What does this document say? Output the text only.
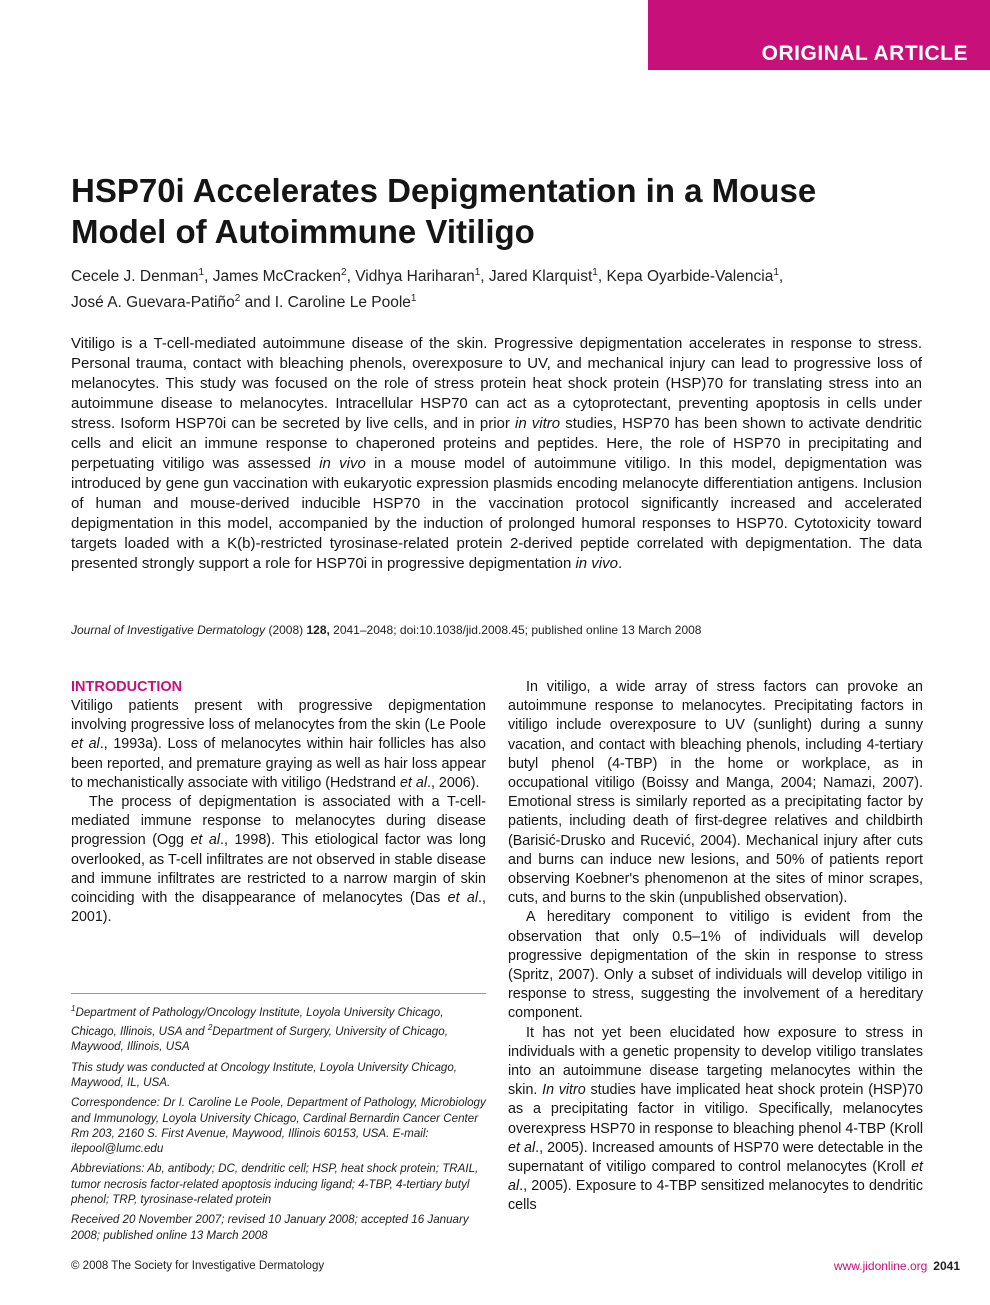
ORIGINAL ARTICLE
HSP70i Accelerates Depigmentation in a Mouse
Model of Autoimmune Vitiligo
Cecele J. Denman$^1$, James McCracken$^2$, Vidhya Hariharan$^1$, Jared Klarquist$^1$, Kepa Oyarbide-Valencia$^1$,
José A. Guevara-Patiño$^2$ and I. Caroline Le Poole$^1$
Vitiligo is a T-cell-mediated autoimmune disease of the skin. Progressive depigmentation accelerates in response to stress. Personal trauma, contact with bleaching phenols, overexposure to UV, and mechanical injury can lead to progressive loss of melanocytes. This study was focused on the role of stress protein heat shock protein (HSP)70 for translating stress into an autoimmune disease to melanocytes. Intracellular HSP70 can act as a cytoprotectant, preventing apoptosis in cells under stress. Isoform HSP70i can be secreted by live cells, and in prior in vitro studies, HSP70 has been shown to activate dendritic cells and elicit an immune response to chaperoned proteins and peptides. Here, the role of HSP70 in precipitating and perpetuating vitiligo was assessed in vivo in a mouse model of autoimmune vitiligo. In this model, depigmentation was introduced by gene gun vaccination with eukaryotic expression plasmids encoding melanocyte differentiation antigens. Inclusion of human and mouse-derived inducible HSP70 in the vaccination protocol significantly increased and accelerated depigmentation in this model, accompanied by the induction of prolonged humoral responses to HSP70. Cytotoxicity toward targets loaded with a K(b)-restricted tyrosinase-related protein 2-derived peptide correlated with depigmentation. The data presented strongly support a role for HSP70i in progressive depigmentation in vivo.
Journal of Investigative Dermatology (2008) 128, 2041–2048; doi:10.1038/jid.2008.45; published online 13 March 2008
INTRODUCTION

Vitiligo patients present with progressive depigmentation involving progressive loss of melanocytes from the skin (Le Poole et al., 1993a). Loss of melanocytes within hair follicles has also been reported, and premature graying as well as hair loss appear to mechanistically associate with vitiligo (Hedstrand et al., 2006).

The process of depigmentation is associated with a T-cell-mediated immune response to melanocytes during disease progression (Ogg et al., 1998). This etiological factor was long overlooked, as T-cell infiltrates are not observed in stable disease and immune infiltrates are restricted to a narrow margin of skin coinciding with the disappearance of melanocytes (Das et al., 2001).

In vitiligo, a wide array of stress factors can provoke an autoimmune response to melanocytes. Precipitating factors in vitiligo include overexposure to UV (sunlight) during a sunny vacation, and contact with bleaching phenols, including 4-tertiary butyl phenol (4-TBP) in the home or workplace, as in occupational vitiligo (Boissy and Manga, 2004; Namazi, 2007). Emotional stress is similarly reported as a precipitating factor by patients, including death of first-degree relatives and childbirth (Barisić-Drusko and Rucević, 2004). Mechanical injury after cuts and burns can induce new lesions, and 50% of patients report observing Koebner's phenomenon at the sites of minor scrapes, cuts, and burns to the skin (unpublished observation).

A hereditary component to vitiligo is evident from the observation that only 0.5–1% of individuals will develop progressive depigmentation of the skin in response to stress (Spritz, 2007). Only a subset of individuals will develop vitiligo in response to stress, suggesting the involvement of a hereditary component.

It has not yet been elucidated how exposure to stress in individuals with a genetic propensity to develop vitiligo translates into an autoimmune disease targeting melanocytes within the skin. In vitro studies have implicated heat shock protein (HSP)70 as a precipitating factor in vitiligo. Specifically, melanocytes overexpress HSP70 in response to bleaching phenol 4-TBP (Kroll et al., 2005). Increased amounts of HSP70 were detectable in the supernatant of vitiligo compared to control melanocytes (Kroll et al., 2005). Exposure to 4-TBP sensitized melanocytes to dendritic cells

$^1$Department of Pathology/Oncology Institute, Loyola University Chicago, Chicago, Illinois, USA and $^2$Department of Surgery, University of Chicago, Maywood, Illinois, USA

This study was conducted at Oncology Institute, Loyola University Chicago, Maywood, IL, USA.

Correspondence: Dr I. Caroline Le Poole, Department of Pathology, Microbiology and Immunology, Loyola University Chicago, Cardinal Bernardin Cancer Center Rm 203, 2160 S. First Avenue, Maywood, Illinois 60153, USA. E-mail: ilepool@lumc.edu

Abbreviations: Ab, antibody; DC, dendritic cell; HSP, heat shock protein; TRAIL, tumor necrosis factor-related apoptosis inducing ligand; 4-TBP, 4-tertiary butyl phenol; TRP, tyrosinase-related protein

Received 20 November 2007; revised 10 January 2008; accepted 16 January 2008; published online 13 March 2008

© 2008 The Society for Investigative Dermatology	www.jidonline.org 2041
